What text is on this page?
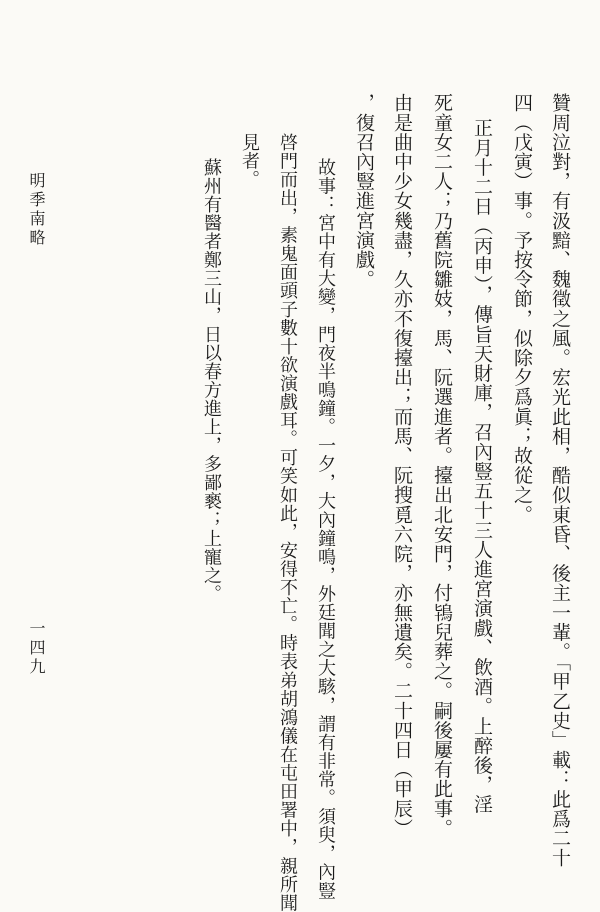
贊周泣對，有汲黯、魏徵之風。宏光此相，酷似東昏、後主一輩。「甲乙史」載：此爲二十
四（戊寅）事。予按令節，似除夕爲眞；故從之。
正月十二日（丙申），傳旨天財庫，召內豎五十三人進宮演戲、飲酒。上醉後，淫
死童女二人；乃舊院雛妓，馬、阮選進者。擡出北安門，付鴇兒葬之。嗣後屢有此事。
由是曲中少女幾盡，久亦不復擡出；而馬、阮搜覓六院，亦無遺矣。二十四日（甲辰）
，復召內豎進宮演戲。
故事：宮中有大變，門夜半鳴鐘。一夕，大內鐘鳴，外廷聞之大駭，謂有非常。須臾，內豎
啓門而出，素鬼面頭子數十欲演戲耳。可笑如此，安得不亡。時表弟胡鴻儀在屯田署中，親所聞
見者。
蘇州有醫者鄭三山，日以春方進上，多鄙褻；上寵之。
明季南略
一四九
